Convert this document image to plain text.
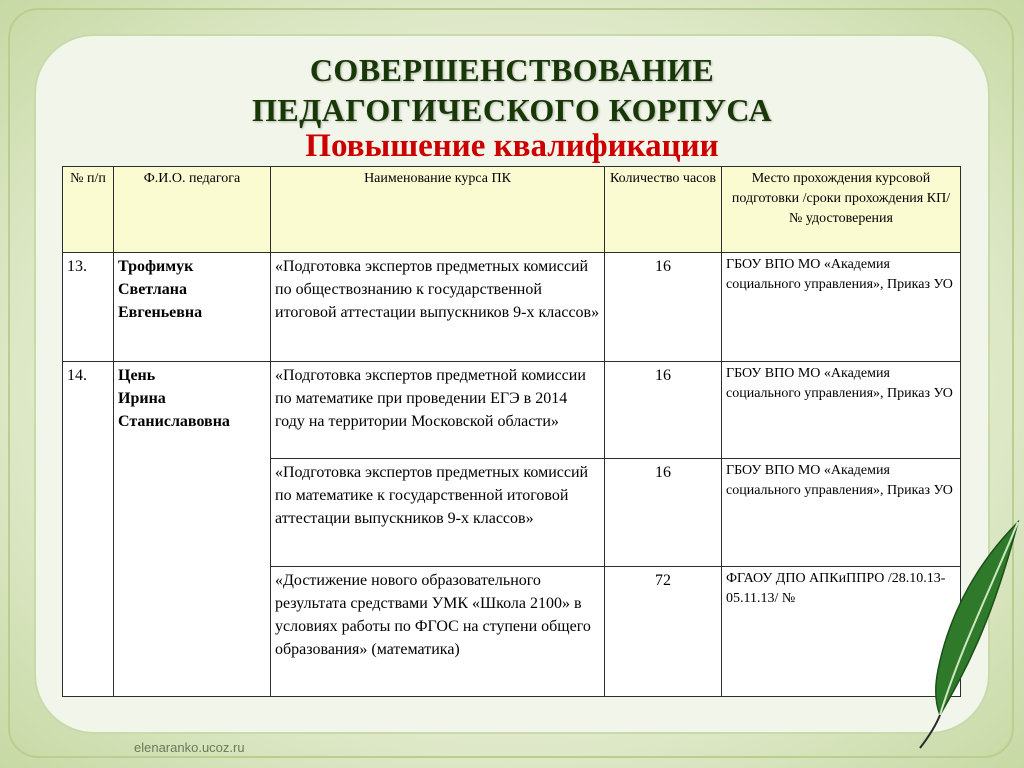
СОВЕРШЕНСТВОВАНИЕ
ПЕДАГОГИЧЕСКОГО КОРПУСА
Повышение квалификации
№ п/п	Ф.И.О. педагога	Наименование курса ПК	Количество часов	Место прохождения курсовой подготовки /сроки прохождения КП/ № удостоверения
13.	Трофимук
Светлана
Евгеньевна	«Подготовка экспертов предметных комиссий по обществознанию к государственной итоговой аттестации выпускников 9-х классов»	16	ГБОУ ВПО МО «Академия социального управления», Приказ УО
14.	Цень
Ирина
Станиславовна	«Подготовка экспертов предметной комиссии по математике при проведении ЕГЭ в 2014 году на территории Московской области»	16	ГБОУ ВПО МО «Академия социального управления», Приказ УО
		«Подготовка экспертов предметных комиссий по математике к государственной итоговой аттестации выпускников 9-х классов»	16	ГБОУ ВПО МО «Академия социального управления», Приказ УО
		«Достижение нового образовательного результата средствами УМК «Школа 2100» в условиях работы по ФГОС на ступени общего образования» (математика)	72	ФГАОУ ДПО АПКиППРО /28.10.13-05.11.13/ №
elenaranko.ucoz.ru
